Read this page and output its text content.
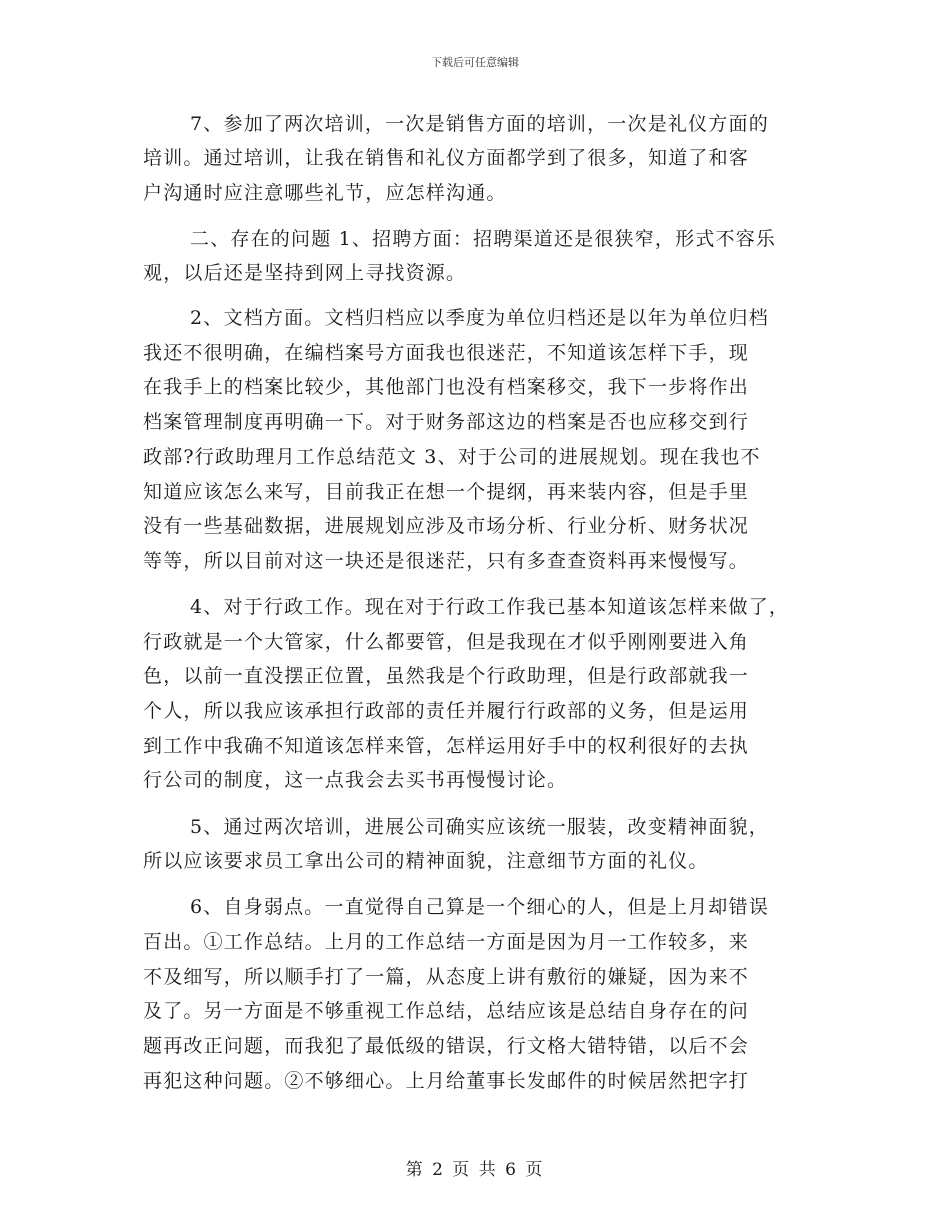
下载后可任意编辑
7、参加了两次培训，一次是销售方面的培训，一次是礼仪方面的
培训。通过培训，让我在销售和礼仪方面都学到了很多，知道了和客
户沟通时应注意哪些礼节，应怎样沟通。
二、存在的问题 1、招聘方面：招聘渠道还是很狭窄，形式不容乐
观，以后还是坚持到网上寻找资源。
2、文档方面。文档归档应以季度为单位归档还是以年为单位归档
我还不很明确，在编档案号方面我也很迷茫，不知道该怎样下手，现
在我手上的档案比较少，其他部门也没有档案移交，我下一步将作出
档案管理制度再明确一下。对于财务部这边的档案是否也应移交到行
政部?行政助理月工作总结范文 3、对于公司的进展规划。现在我也不
知道应该怎么来写，目前我正在想一个提纲，再来装内容，但是手里
没有一些基础数据，进展规划应涉及市场分析、行业分析、财务状况
等等，所以目前对这一块还是很迷茫，只有多查查资料再来慢慢写。
4、对于行政工作。现在对于行政工作我已基本知道该怎样来做了，
行政就是一个大管家，什么都要管，但是我现在才似乎刚刚要进入角
色，以前一直没摆正位置，虽然我是个行政助理，但是行政部就我一
个人，所以我应该承担行政部的责任并履行行政部的义务，但是运用
到工作中我确不知道该怎样来管，怎样运用好手中的权利很好的去执
行公司的制度，这一点我会去买书再慢慢讨论。
5、通过两次培训，进展公司确实应该统一服装，改变精神面貌，
所以应该要求员工拿出公司的精神面貌，注意细节方面的礼仪。
6、自身弱点。一直觉得自己算是一个细心的人，但是上月却错误
百出。①工作总结。上月的工作总结一方面是因为月一工作较多，来
不及细写，所以顺手打了一篇，从态度上讲有敷衍的嫌疑，因为来不
及了。另一方面是不够重视工作总结，总结应该是总结自身存在的问
题再改正问题，而我犯了最低级的错误，行文格大错特错，以后不会
再犯这种问题。②不够细心。上月给董事长发邮件的时候居然把字打
第 2 页 共 6 页
